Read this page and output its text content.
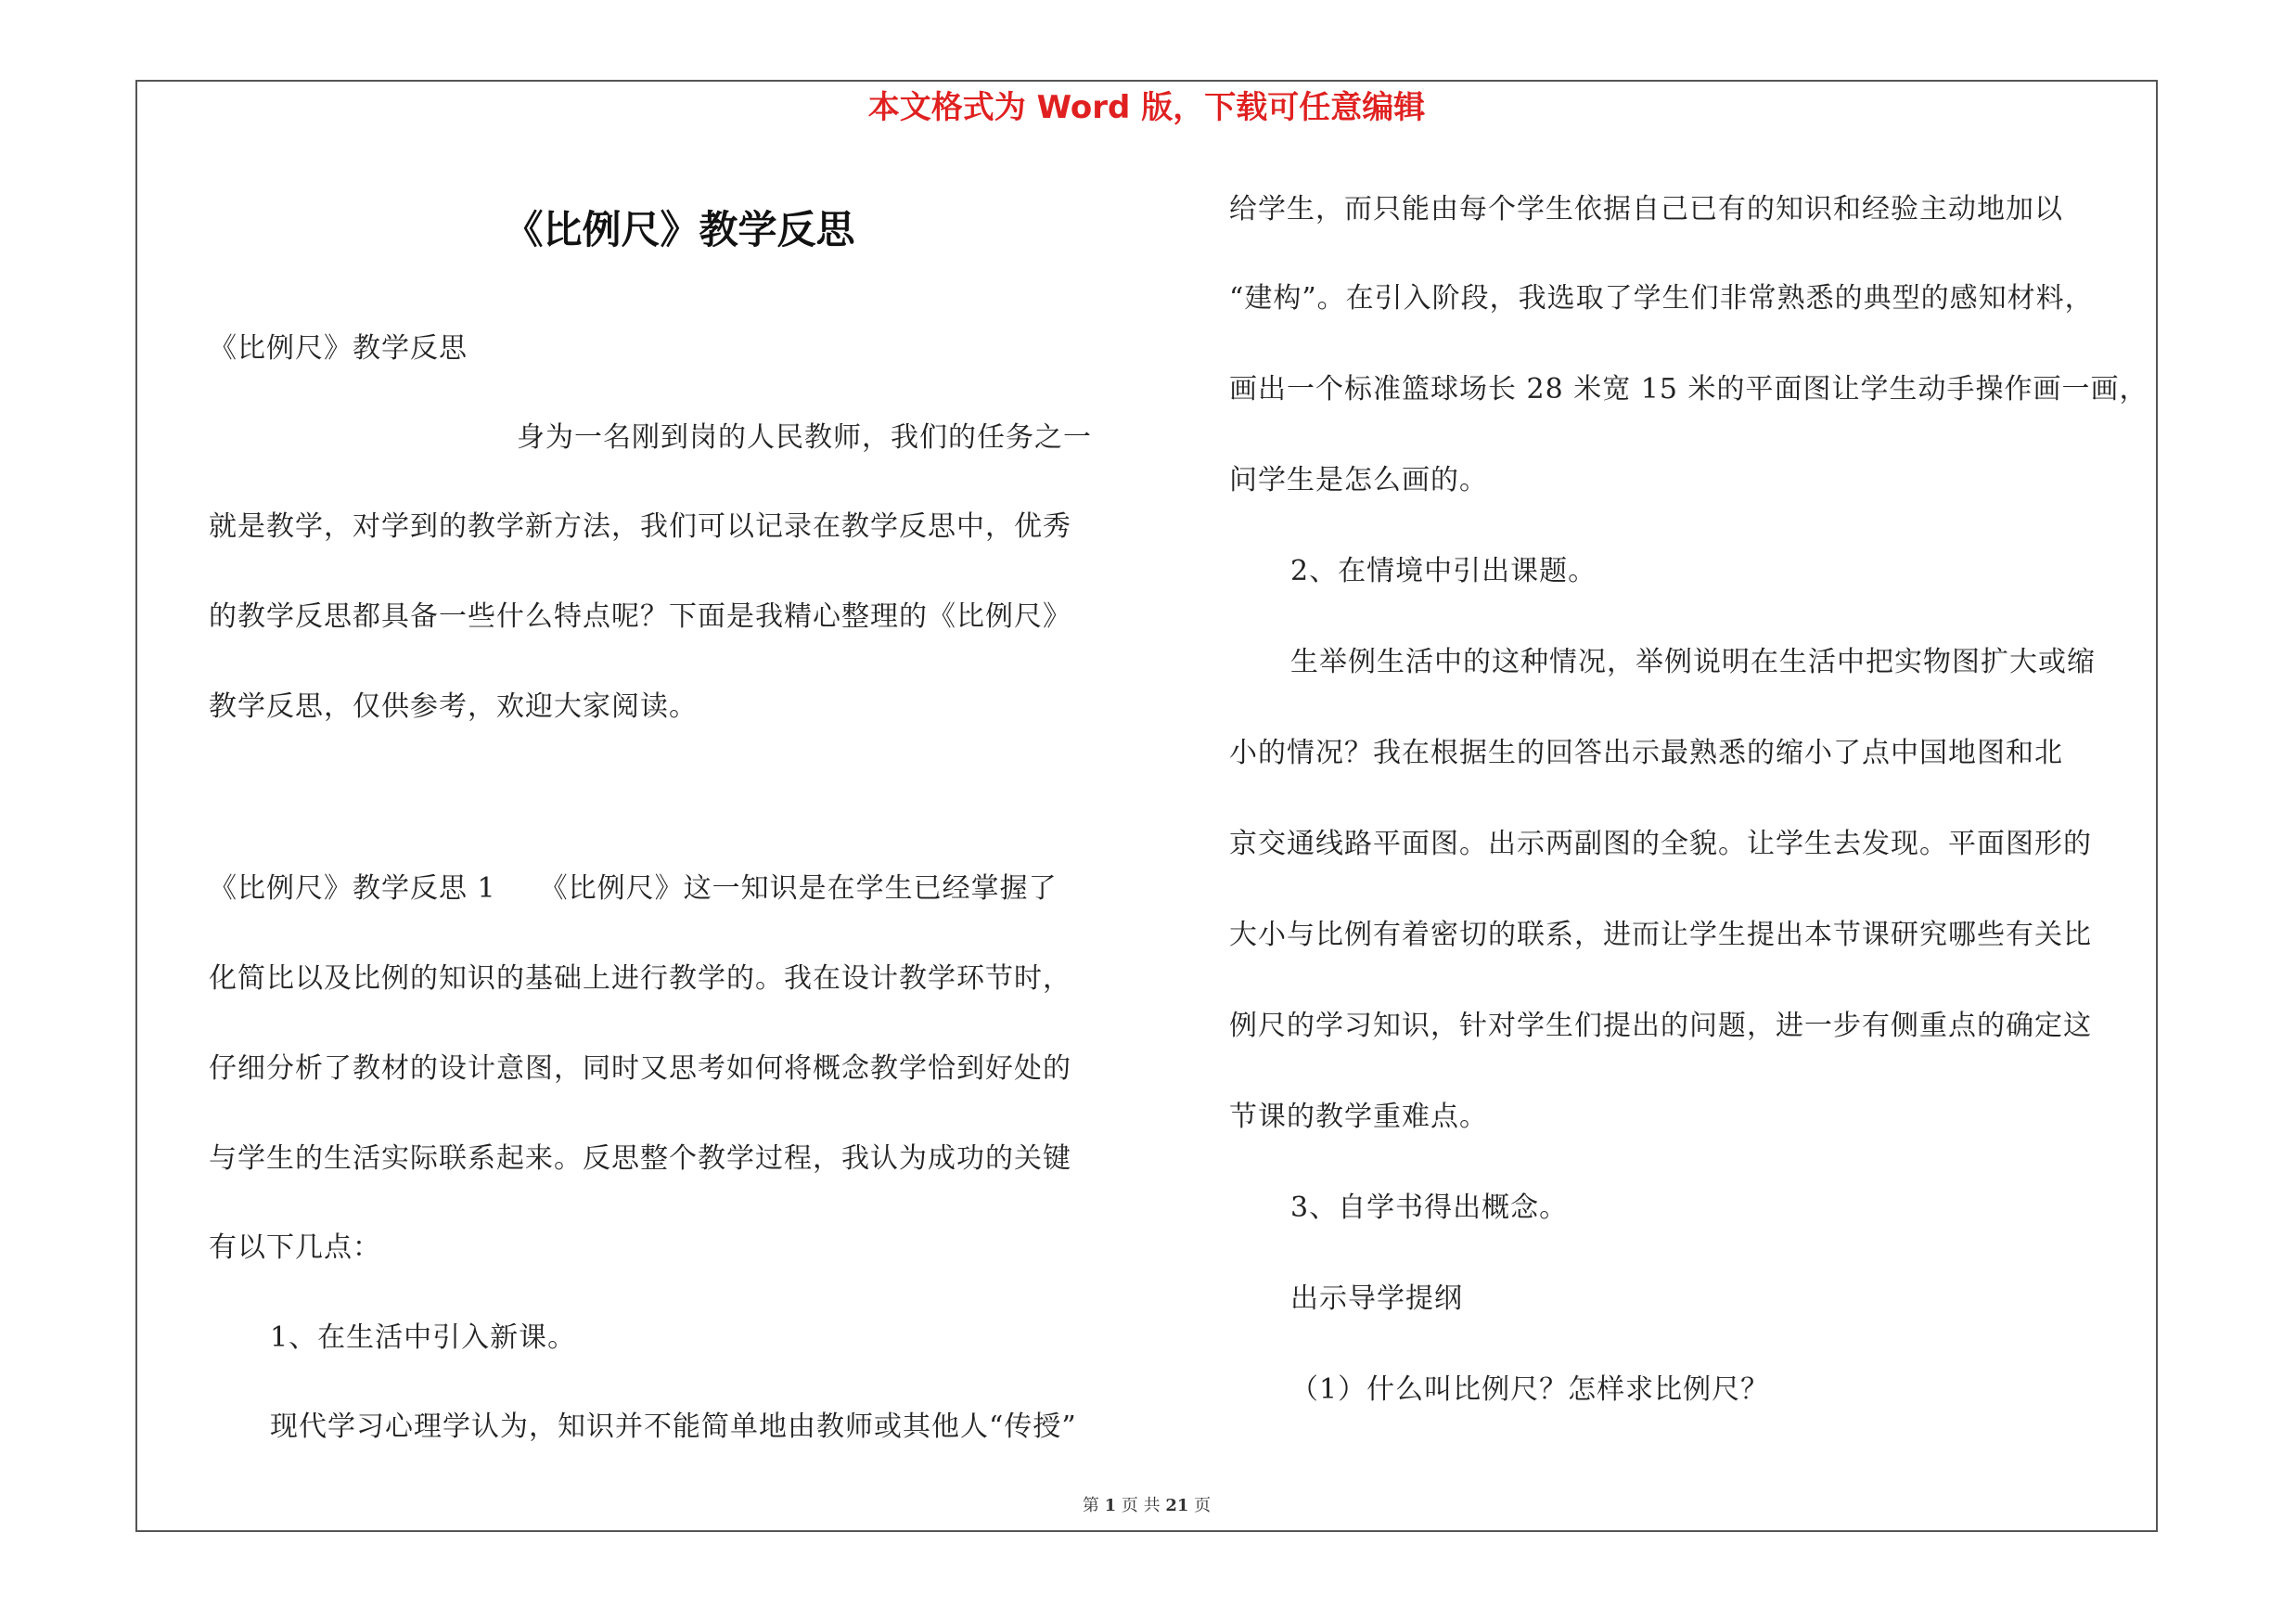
本文格式为 Word 版，下载可任意编辑
《比例尺》教学反思
《比例尺》教学反思
身为一名刚到岗的人民教师，我们的任务之一
就是教学，对学到的教学新方法，我们可以记录在教学反思中，优秀
的教学反思都具备一些什么特点呢？下面是我精心整理的《比例尺》
教学反思，仅供参考，欢迎大家阅读。
《比例尺》教学反思 1　　《比例尺》这一知识是在学生已经掌握了
化简比以及比例的知识的基础上进行教学的。我在设计教学环节时，
仔细分析了教材的设计意图，同时又思考如何将概念教学恰到好处的
与学生的生活实际联系起来。反思整个教学过程，我认为成功的关键
有以下几点：
1、在生活中引入新课。
现代学习心理学认为，知识并不能简单地由教师或其他人“传授”
给学生，而只能由每个学生依据自己已有的知识和经验主动地加以
“建构”。在引入阶段，我选取了学生们非常熟悉的典型的感知材料，
画出一个标准篮球场长 28 米宽 15 米的平面图让学生动手操作画一画，
问学生是怎么画的。
2、在情境中引出课题。
生举例生活中的这种情况，举例说明在生活中把实物图扩大或缩
小的情况？我在根据生的回答出示最熟悉的缩小了点中国地图和北
京交通线路平面图。出示两副图的全貌。让学生去发现。平面图形的
大小与比例有着密切的联系，进而让学生提出本节课研究哪些有关比
例尺的学习知识，针对学生们提出的问题，进一步有侧重点的确定这
节课的教学重难点。
3、自学书得出概念。
出示导学提纲
（1）什么叫比例尺？怎样求比例尺？
第 1 页 共 21 页
